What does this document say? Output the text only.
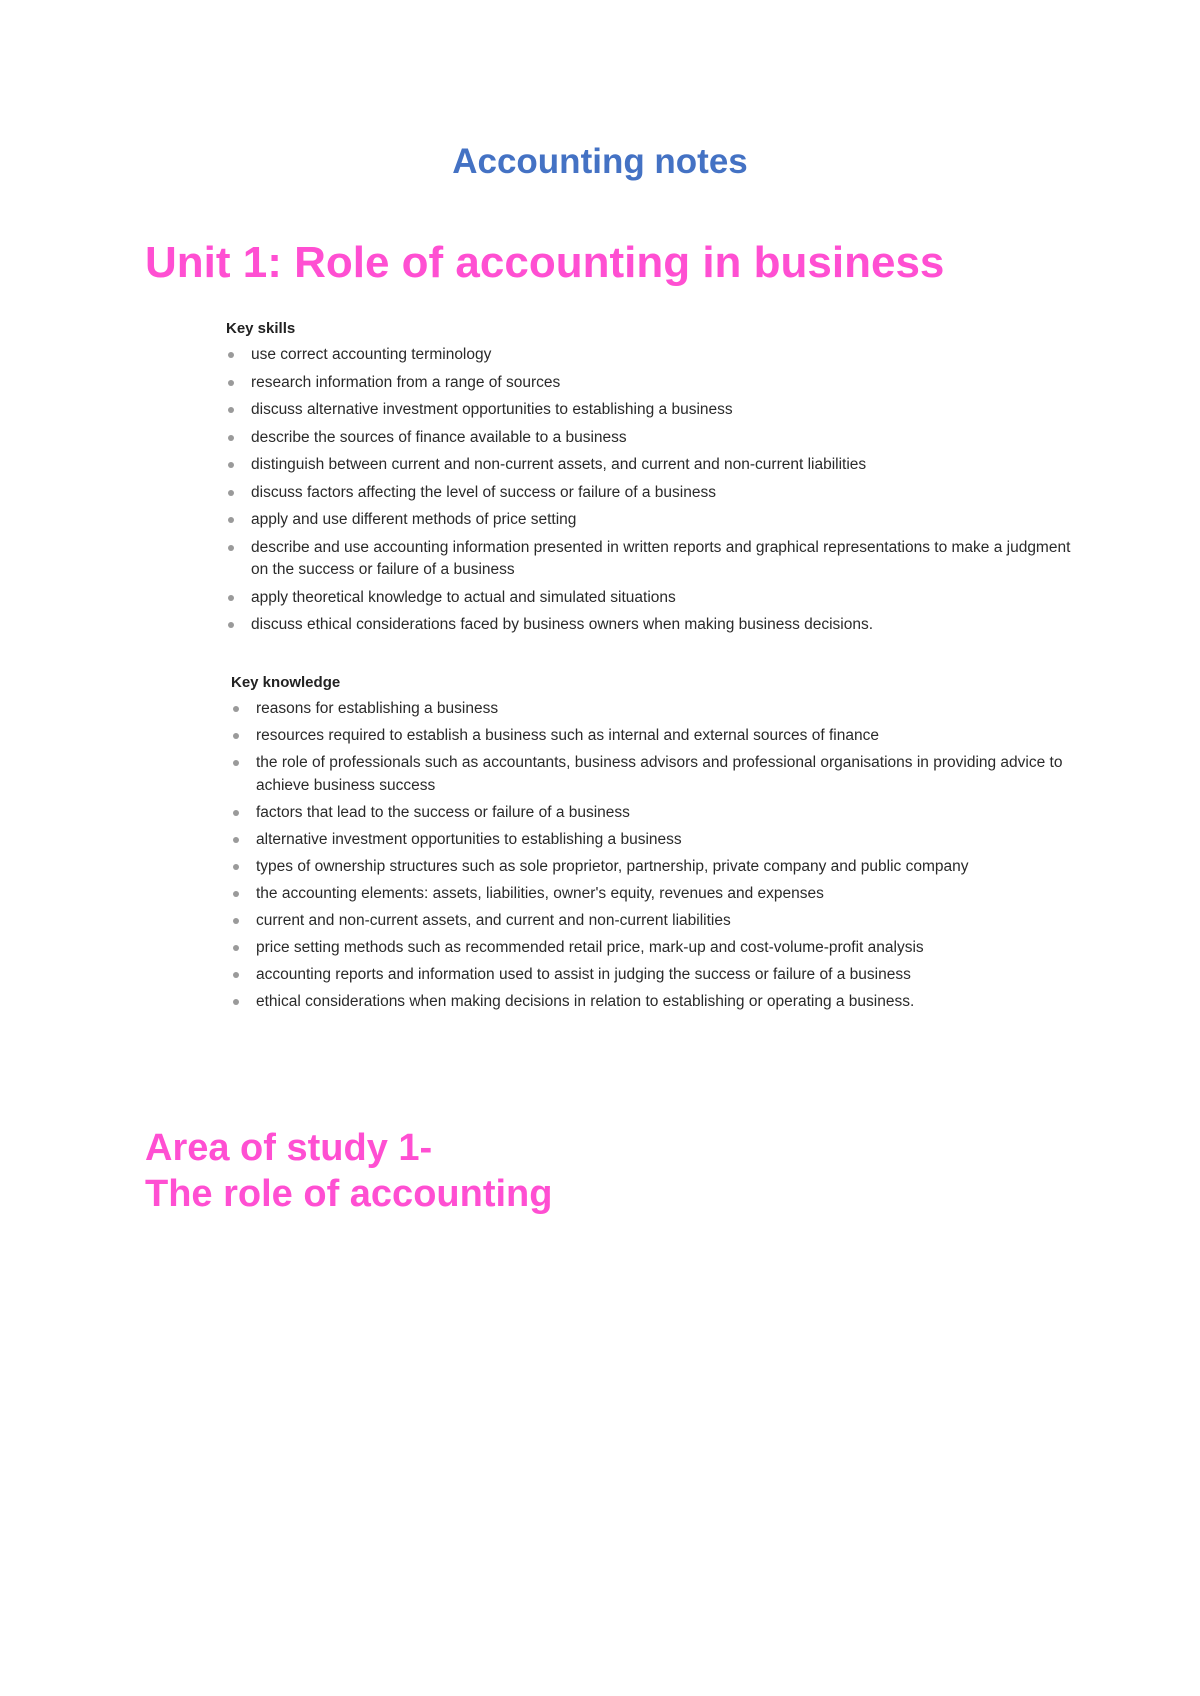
Accounting notes
Unit 1: Role of accounting in business
Key skills
use correct accounting terminology
research information from a range of sources
discuss alternative investment opportunities to establishing a business
describe the sources of finance available to a business
distinguish between current and non-current assets, and current and non-current liabilities
discuss factors affecting the level of success or failure of a business
apply and use different methods of price setting
describe and use accounting information presented in written reports and graphical representations to make a judgment on the success or failure of a business
apply theoretical knowledge to actual and simulated situations
discuss ethical considerations faced by business owners when making business decisions.
Key knowledge
reasons for establishing a business
resources required to establish a business such as internal and external sources of finance
the role of professionals such as accountants, business advisors and professional organisations in providing advice to achieve business success
factors that lead to the success or failure of a business
alternative investment opportunities to establishing a business
types of ownership structures such as sole proprietor, partnership, private company and public company
the accounting elements: assets, liabilities, owner's equity, revenues and expenses
current and non-current assets, and current and non-current liabilities
price setting methods such as recommended retail price, mark-up and cost-volume-profit analysis
accounting reports and information used to assist in judging the success or failure of a business
ethical considerations when making decisions in relation to establishing or operating a business.
Area of study 1-
The role of accounting
